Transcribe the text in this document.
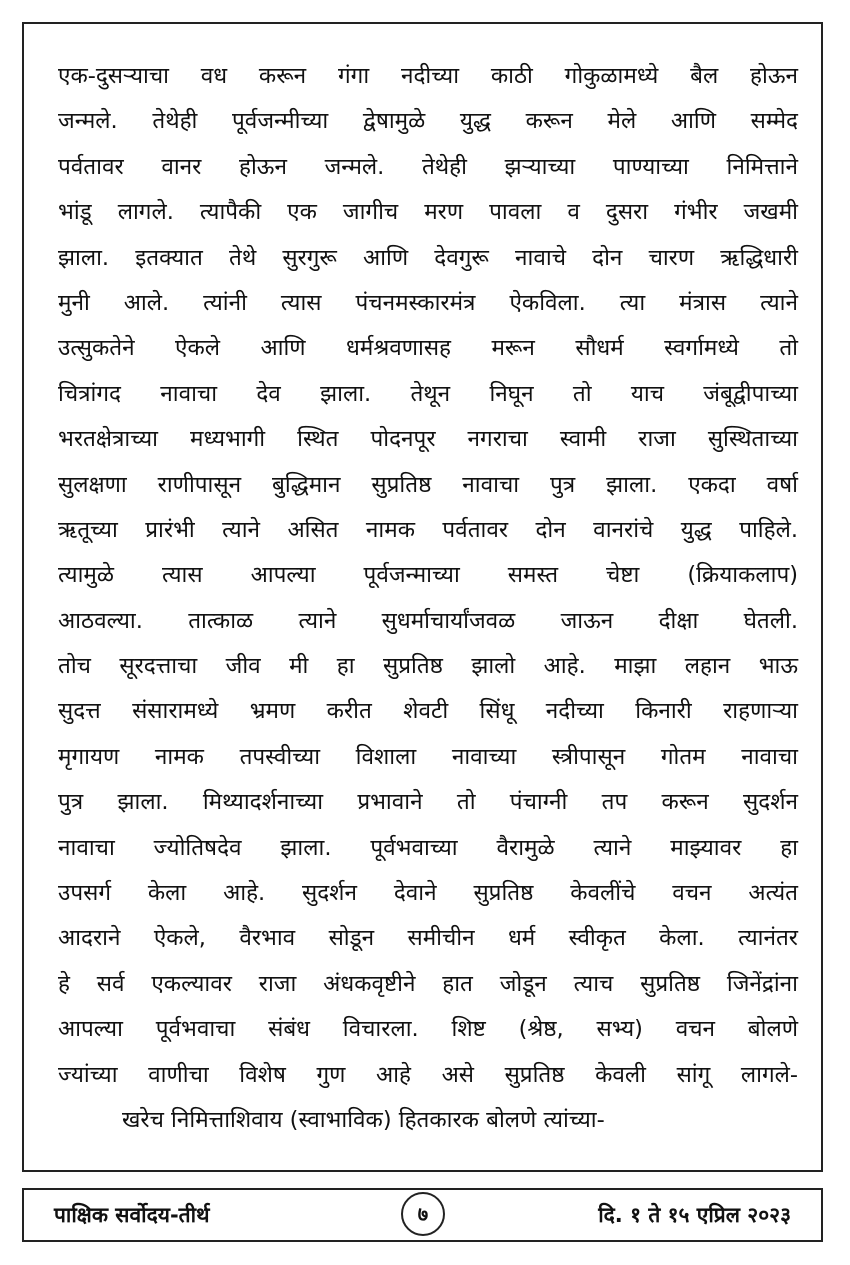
एक-दुसऱ्याचा वध करून गंगा नदीच्या काठी गोकुळामध्ये बैल होऊन
जन्मले. तेथेही पूर्वजन्मीच्या द्वेषामुळे युद्ध करून मेले आणि सम्मेद
पर्वतावर वानर होऊन जन्मले. तेथेही झऱ्याच्या पाण्याच्या निमित्ताने
भांडू लागले. त्यापैकी एक जागीच मरण पावला व दुसरा गंभीर जखमी
झाला. इतक्यात तेथे सुरगुरू आणि देवगुरू नावाचे दोन चारण ऋद्धिधारी
मुनी आले. त्यांनी त्यास पंचनमस्कारमंत्र ऐकविला. त्या मंत्रास त्याने
उत्सुकतेने ऐकले आणि धर्मश्रवणासह मरून सौधर्म स्वर्गामध्ये तो
चित्रांगद नावाचा देव झाला. तेथून निघून तो याच जंबूद्वीपाच्या
भरतक्षेत्राच्या मध्यभागी स्थित पोदनपूर नगराचा स्वामी राजा सुस्थिताच्या
सुलक्षणा राणीपासून बुद्धिमान सुप्रतिष्ठ नावाचा पुत्र झाला. एकदा वर्षा
ऋतूच्या प्रारंभी त्याने असित नामक पर्वतावर दोन वानरांचे युद्ध पाहिले.
त्यामुळे त्यास आपल्या पूर्वजन्माच्या समस्त चेष्टा (क्रियाकलाप)
आठवल्या. तात्काळ त्याने सुधर्माचार्यांजवळ जाऊन दीक्षा घेतली.
तोच सूरदत्ताचा जीव मी हा सुप्रतिष्ठ झालो आहे. माझा लहान भाऊ
सुदत्त संसारामध्ये भ्रमण करीत शेवटी सिंधू नदीच्या किनारी राहणाऱ्या
मृगायण नामक तपस्वीच्या विशाला नावाच्या स्त्रीपासून गोतम नावाचा
पुत्र झाला. मिथ्यादर्शनाच्या प्रभावाने तो पंचाग्नी तप करून सुदर्शन
नावाचा ज्योतिषदेव झाला. पूर्वभवाच्या वैरामुळे त्याने माझ्यावर हा
उपसर्ग केला आहे. सुदर्शन देवाने सुप्रतिष्ठ केवलींचे वचन अत्यंत
आदराने ऐकले, वैरभाव सोडून समीचीन धर्म स्वीकृत केला. त्यानंतर
हे सर्व एकल्यावर राजा अंधकवृष्टीने हात जोडून त्याच सुप्रतिष्ठ जिनेंद्रांना
आपल्या पूर्वभवाचा संबंध विचारला. शिष्ट (श्रेष्ठ, सभ्य) वचन बोलणे
ज्यांच्या वाणीचा विशेष गुण आहे असे सुप्रतिष्ठ केवली सांगू लागले-
खरेच निमित्ताशिवाय (स्वाभाविक) हितकारक बोलणे त्यांच्या-
पाक्षिक सर्वोदय-तीर्थ	७	दि. १ ते १५ एप्रिल २०२३
